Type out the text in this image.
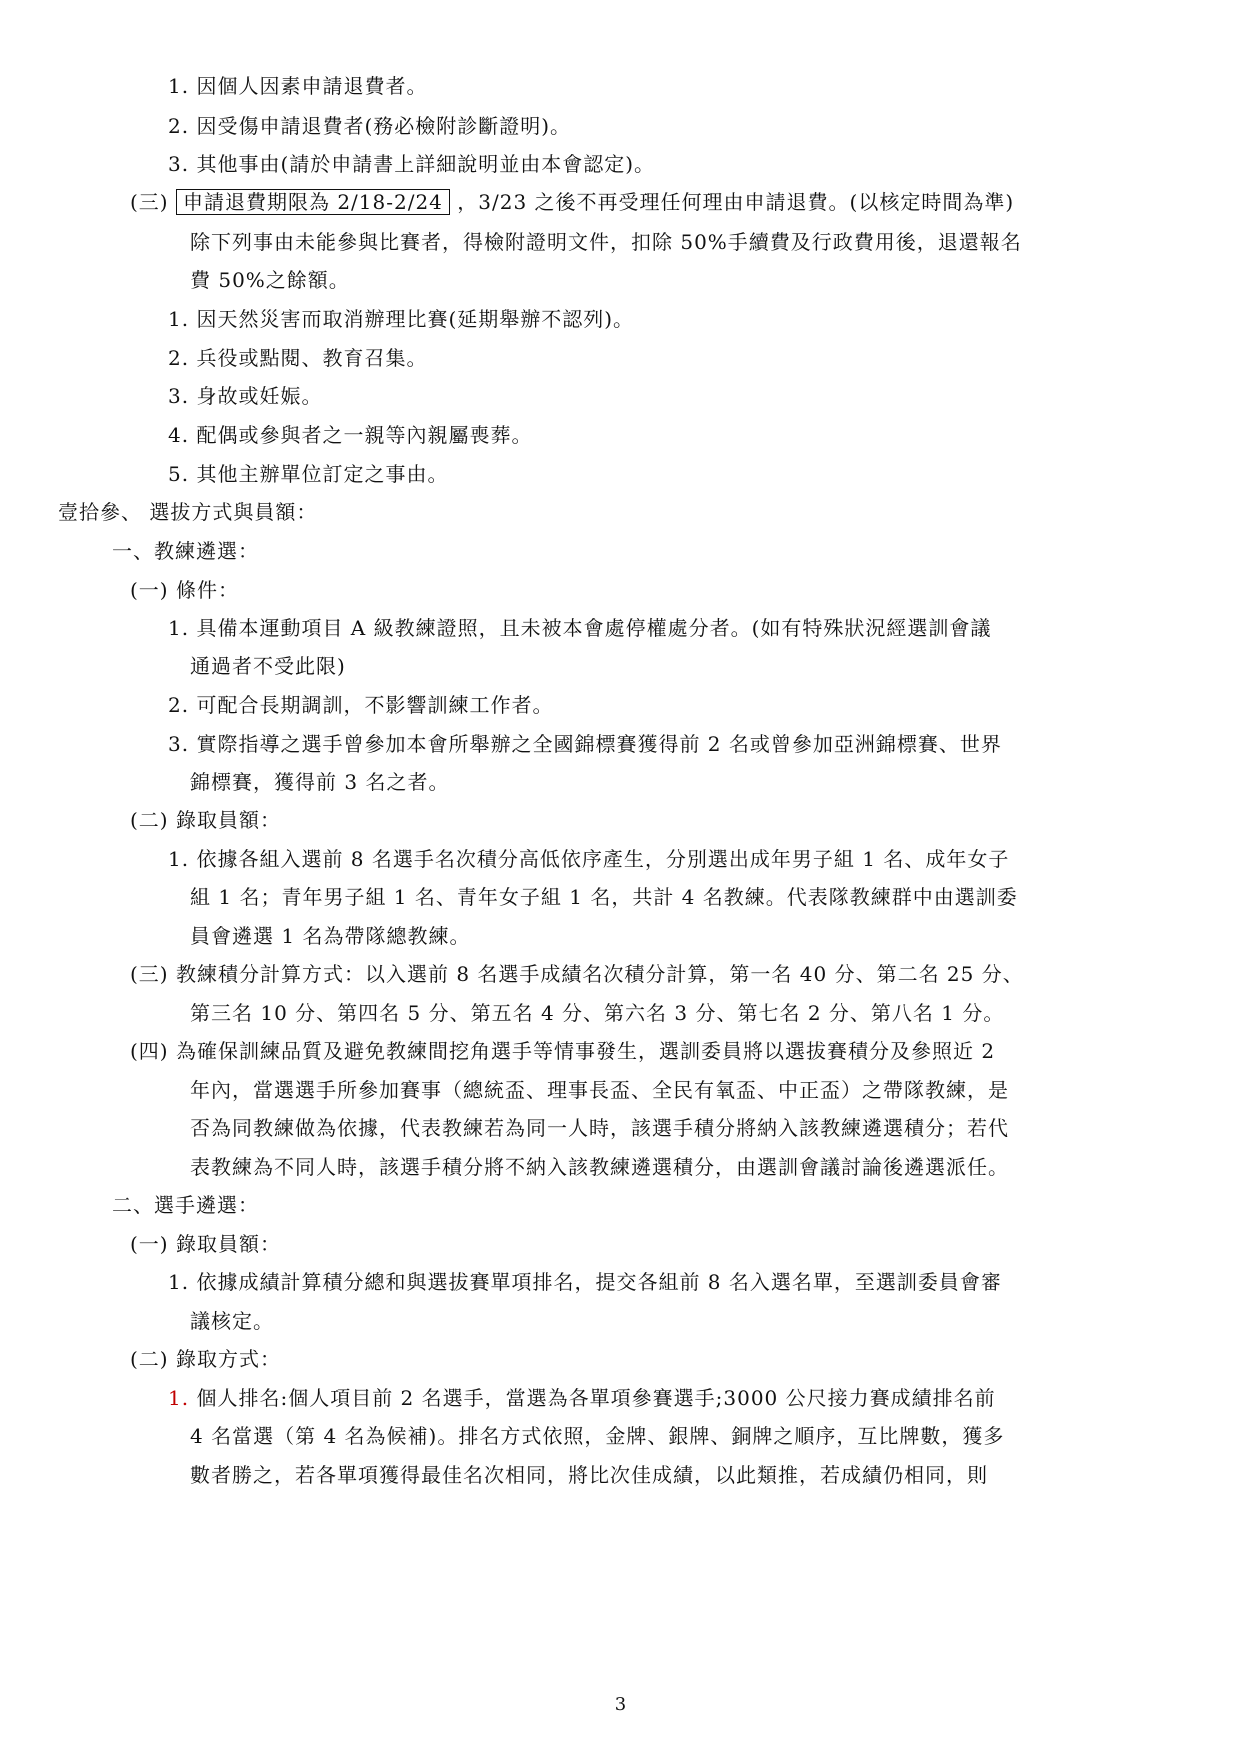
1. 因個人因素申請退費者。
2. 因受傷申請退費者(務必檢附診斷證明)。
3. 其他事由(請於申請書上詳細說明並由本會認定)。
(三) 申請退費期限為 2/18-2/24 ，3/23 之後不再受理任何理由申請退費。(以核定時間為準)
除下列事由未能參與比賽者，得檢附證明文件，扣除 50%手續費及行政費用後，退還報名
費 50%之餘額。
1. 因天然災害而取消辦理比賽(延期舉辦不認列)。
2. 兵役或點閱、教育召集。
3. 身故或妊娠。
4. 配偶或參與者之一親等內親屬喪葬。
5. 其他主辦單位訂定之事由。
壹拾參、 選拔方式與員額：
一、教練遴選：
(一) 條件：
1. 具備本運動項目 A 級教練證照，且未被本會處停權處分者。(如有特殊狀況經選訓會議
通過者不受此限)
2. 可配合長期調訓，不影響訓練工作者。
3. 實際指導之選手曾參加本會所舉辦之全國錦標賽獲得前 2 名或曾參加亞洲錦標賽、世界
錦標賽，獲得前 3 名之者。
(二) 錄取員額：
1. 依據各組入選前 8 名選手名次積分高低依序產生，分別選出成年男子組 1 名、成年女子
組 1 名；青年男子組 1 名、青年女子組 1 名，共計 4 名教練。代表隊教練群中由選訓委
員會遴選 1 名為帶隊總教練。
(三) 教練積分計算方式：以入選前 8 名選手成績名次積分計算，第一名 40 分、第二名 25 分、
第三名 10 分、第四名 5 分、第五名 4 分、第六名 3 分、第七名 2 分、第八名 1 分。
(四) 為確保訓練品質及避免教練間挖角選手等情事發生，選訓委員將以選拔賽積分及參照近 2
年內，當選選手所參加賽事（總統盃、理事長盃、全民有氧盃、中正盃）之帶隊教練，是
否為同教練做為依據，代表教練若為同一人時，該選手積分將納入該教練遴選積分；若代
表教練為不同人時，該選手積分將不納入該教練遴選積分，由選訓會議討論後遴選派任。
二、選手遴選：
(一) 錄取員額：
1. 依據成績計算積分總和與選拔賽單項排名，提交各組前 8 名入選名單，至選訓委員會審
議核定。
(二) 錄取方式：
1. 個人排名:個人項目前 2 名選手，當選為各單項參賽選手;3000 公尺接力賽成績排名前
4 名當選（第 4 名為候補)。排名方式依照，金牌、銀牌、銅牌之順序，互比牌數，獲多
數者勝之，若各單項獲得最佳名次相同，將比次佳成績，以此類推，若成績仍相同，則
3
